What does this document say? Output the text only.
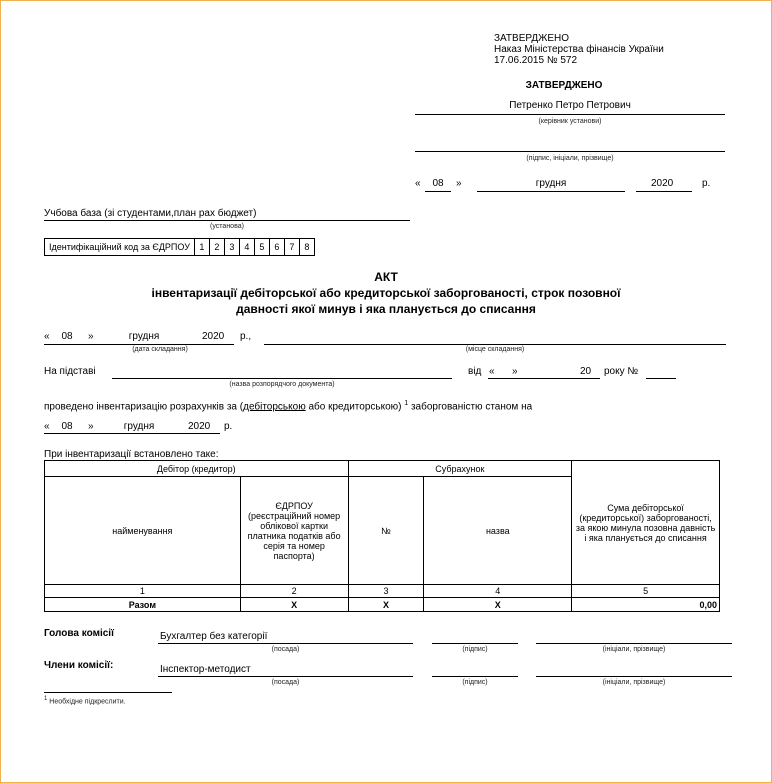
ЗАТВЕРДЖЕНО
Наказ Міністерства фінансів України
17.06.2015 № 572
ЗАТВЕРДЖЕНО
Петренко Петро Петрович
(керівник установи)
(підпис, ініціали, прізвище)
«	08	»	грудня	2020	р.
Учбова база (зі студентами,план рах бюджет)
(установа)
Ідентифікаційний код за ЄДРПОУ	1	2	3	4	5	6	7	8
АКТ
інвентаризації дебіторської або кредиторської заборгованості, строк позовної
давності якої минув і яка планується до списання
«	08	»	грудня	2020 р.,
(дата складання)	(місце складання)
На підставі
(назва розпорядчого документа)
від « »	20 року №
проведено інвентаризацію розрахунків за (дебіторською або кредиторською) $^1$ заборгованістю станом на
«	08	»	грудня	2020 р.
При інвентаризації встановлено таке:
Дебітор (кредитор)		Субрахунок		Сума дебіторської (кредиторської) заборгованості, за якою минула позовна давність і яка планується до списання
найменування	ЄДРПОУ (реєстраційний номер облікової картки платника податків або серія та номер паспорта)	№	назва	
1	2	3	4	5
Разом	Х	Х	Х	0,00
Голова комісії	Бухгалтер без категорії
(посада)	(підпис)	(ініціали, прізвище)
Члени комісії:	Інспектор-методист
(посада)	(підпис)	(ініціали, прізвище)
$^1$ Необхідне підкреслити.
